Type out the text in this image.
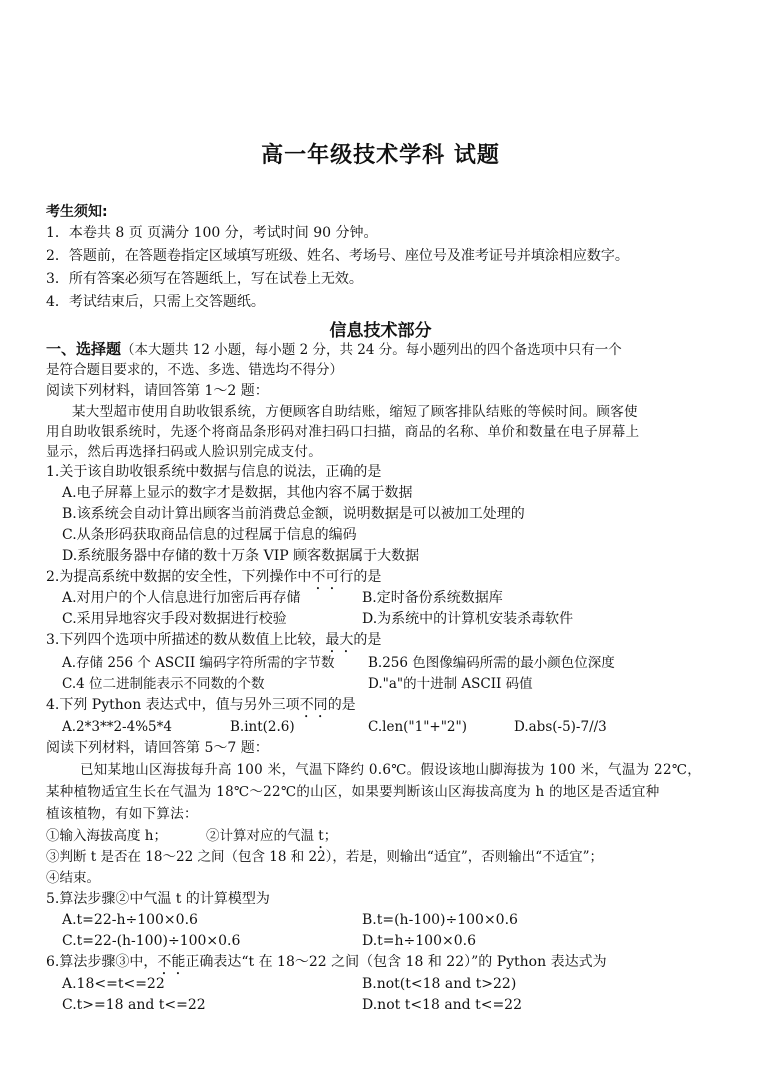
高一年级技术学科 试题
考生须知:
1．本卷共 8 页 页满分 100 分，考试时间 90 分钟。
2．答题前，在答题卷指定区域填写班级、姓名、考场号、座位号及准考证号并填涂相应数字。
3．所有答案必须写在答题纸上，写在试卷上无效。
4．考试结束后，只需上交答题纸。
信息技术部分
一、选择题（本大题共 12 小题，每小题 2 分，共 24 分。每小题列出的四个备选项中只有一个
是符合题目要求的，不选、多选、错选均不得分）
阅读下列材料，请回答第 1～2 题：
某大型超市使用自助收银系统，方便顾客自助结账，缩短了顾客排队结账的等候时间。顾客使
用自助收银系统时，先逐个将商品条形码对准扫码口扫描，商品的名称、单价和数量在电子屏幕上
显示，然后再选择扫码或人脸识别完成支付。
1.关于该自助收银系统中数据与信息的说法，正确的是
A.电子屏幕上显示的数字才是数据，其他内容不属于数据
B.该系统会自动计算出顾客当前消费总金额，说明数据是可以被加工处理的
C.从条形码获取商品信息的过程属于信息的编码
D.系统服务器中存储的数十万条 VIP 顾客数据属于大数据
2.为提高系统中数据的安全性，下列操作中不可行的是
A.对用户的个人信息进行加密后再存储	B.定时备份系统数据库
C.采用异地容灾手段对数据进行校验	D.为系统中的计算机安装杀毒软件
3.下列四个选项中所描述的数从数值上比较，最大的是
A.存储 256 个 ASCII 编码字符所需的字节数 B.256 色图像编码所需的最小颜色位深度
C.4 位二进制能表示不同数的个数	D."a"的十进制 ASCII 码值
4.下列 Python 表达式中，值与另外三项不同的是
A.2*3**2-4%5*4	B.int(2.6)	C.len("1"+"2")	D.abs(-5)-7//3
阅读下列材料，请回答第 5～7 题：
已知某地山区海拔每升高 100 米，气温下降约 0.6℃。假设该地山脚海拔为 100 米，气温为 22℃，
某种植物适宜生长在气温为 18℃～22℃的山区，如果要判断该山区海拔高度为 h 的地区是否适宜种
植该植物，有如下算法：
①输入海拔高度 h；	②计算对应的气温 t；
③判断 t 是否在 18～22 之间（包含 18 和 22），若是，则输出“适宜”，否则输出“不适宜”；
④结束。
5.算法步骤②中气温 t 的计算模型为
A.t=22-h÷100×0.6	B.t=(h-100)÷100×0.6
C.t=22-(h-100)÷100×0.6	D.t=h÷100×0.6
6.算法步骤③中，不能正确表达“t 在 18～22 之间（包含 18 和 22）”的 Python 表达式为
A.18<=t<=22	B.not(t<18 and t>22)
C.t>=18 and t<=22	D.not t<18 and t<=22
